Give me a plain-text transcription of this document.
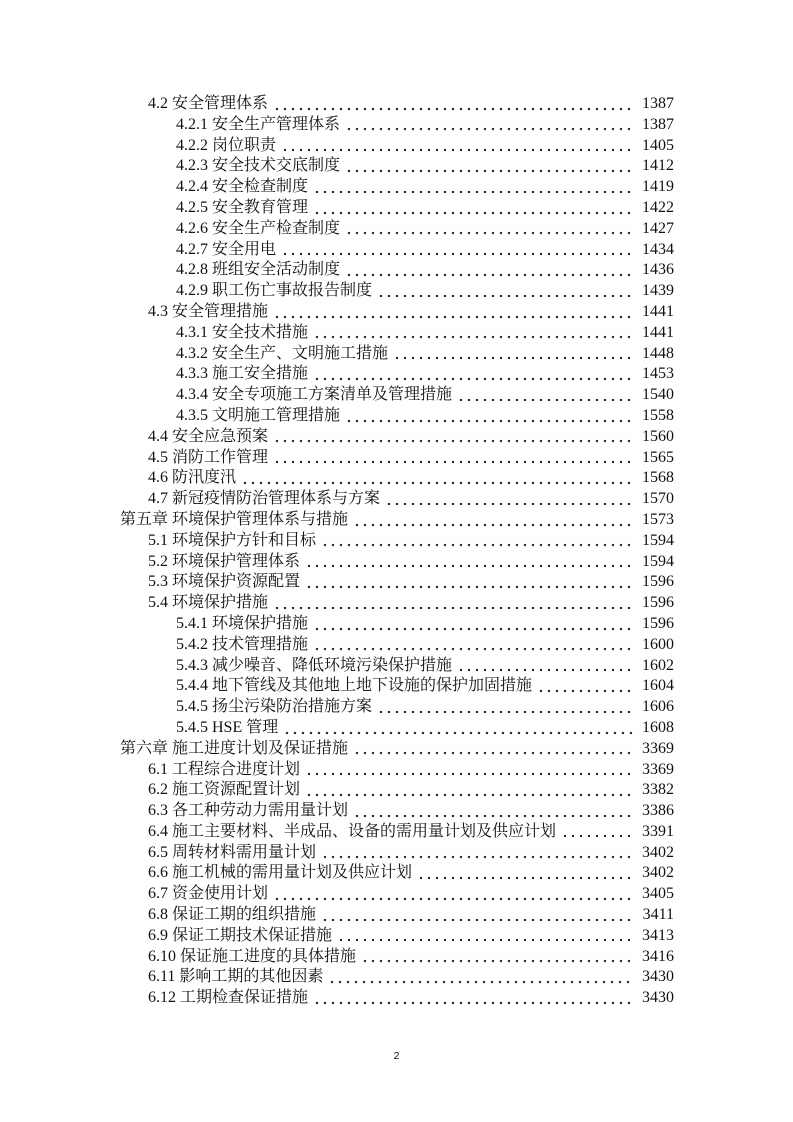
4.2 安全管理体系	1387
4.2.1 安全生产管理体系	1387
4.2.2 岗位职责	1405
4.2.3 安全技术交底制度	1412
4.2.4 安全检查制度	1419
4.2.5 安全教育管理	1422
4.2.6 安全生产检查制度	1427
4.2.7 安全用电	1434
4.2.8 班组安全活动制度	1436
4.2.9 职工伤亡事故报告制度	1439
4.3 安全管理措施	1441
4.3.1 安全技术措施	1441
4.3.2 安全生产、文明施工措施	1448
4.3.3 施工安全措施	1453
4.3.4 安全专项施工方案清单及管理措施	1540
4.3.5 文明施工管理措施	1558
4.4 安全应急预案	1560
4.5 消防工作管理	1565
4.6 防汛度汛	1568
4.7 新冠疫情防治管理体系与方案	1570
第五章 环境保护管理体系与措施	1573
5.1 环境保护方针和目标	1594
5.2 环境保护管理体系	1594
5.3 环境保护资源配置	1596
5.4 环境保护措施	1596
5.4.1 环境保护措施	1596
5.4.2 技术管理措施	1600
5.4.3 减少噪音、降低环境污染保护措施	1602
5.4.4 地下管线及其他地上地下设施的保护加固措施	1604
5.4.5 扬尘污染防治措施方案	1606
5.4.5 HSE 管理	1608
第六章 施工进度计划及保证措施	3369
6.1 工程综合进度计划	3369
6.2 施工资源配置计划	3382
6.3 各工种劳动力需用量计划	3386
6.4 施工主要材料、半成品、设备的需用量计划及供应计划	3391
6.5 周转材料需用量计划	3402
6.6 施工机械的需用量计划及供应计划	3402
6.7 资金使用计划	3405
6.8 保证工期的组织措施	3411
6.9 保证工期技术保证措施	3413
6.10 保证施工进度的具体措施	3416
6.11 影响工期的其他因素	3430
6.12 工期检查保证措施	3430
2
